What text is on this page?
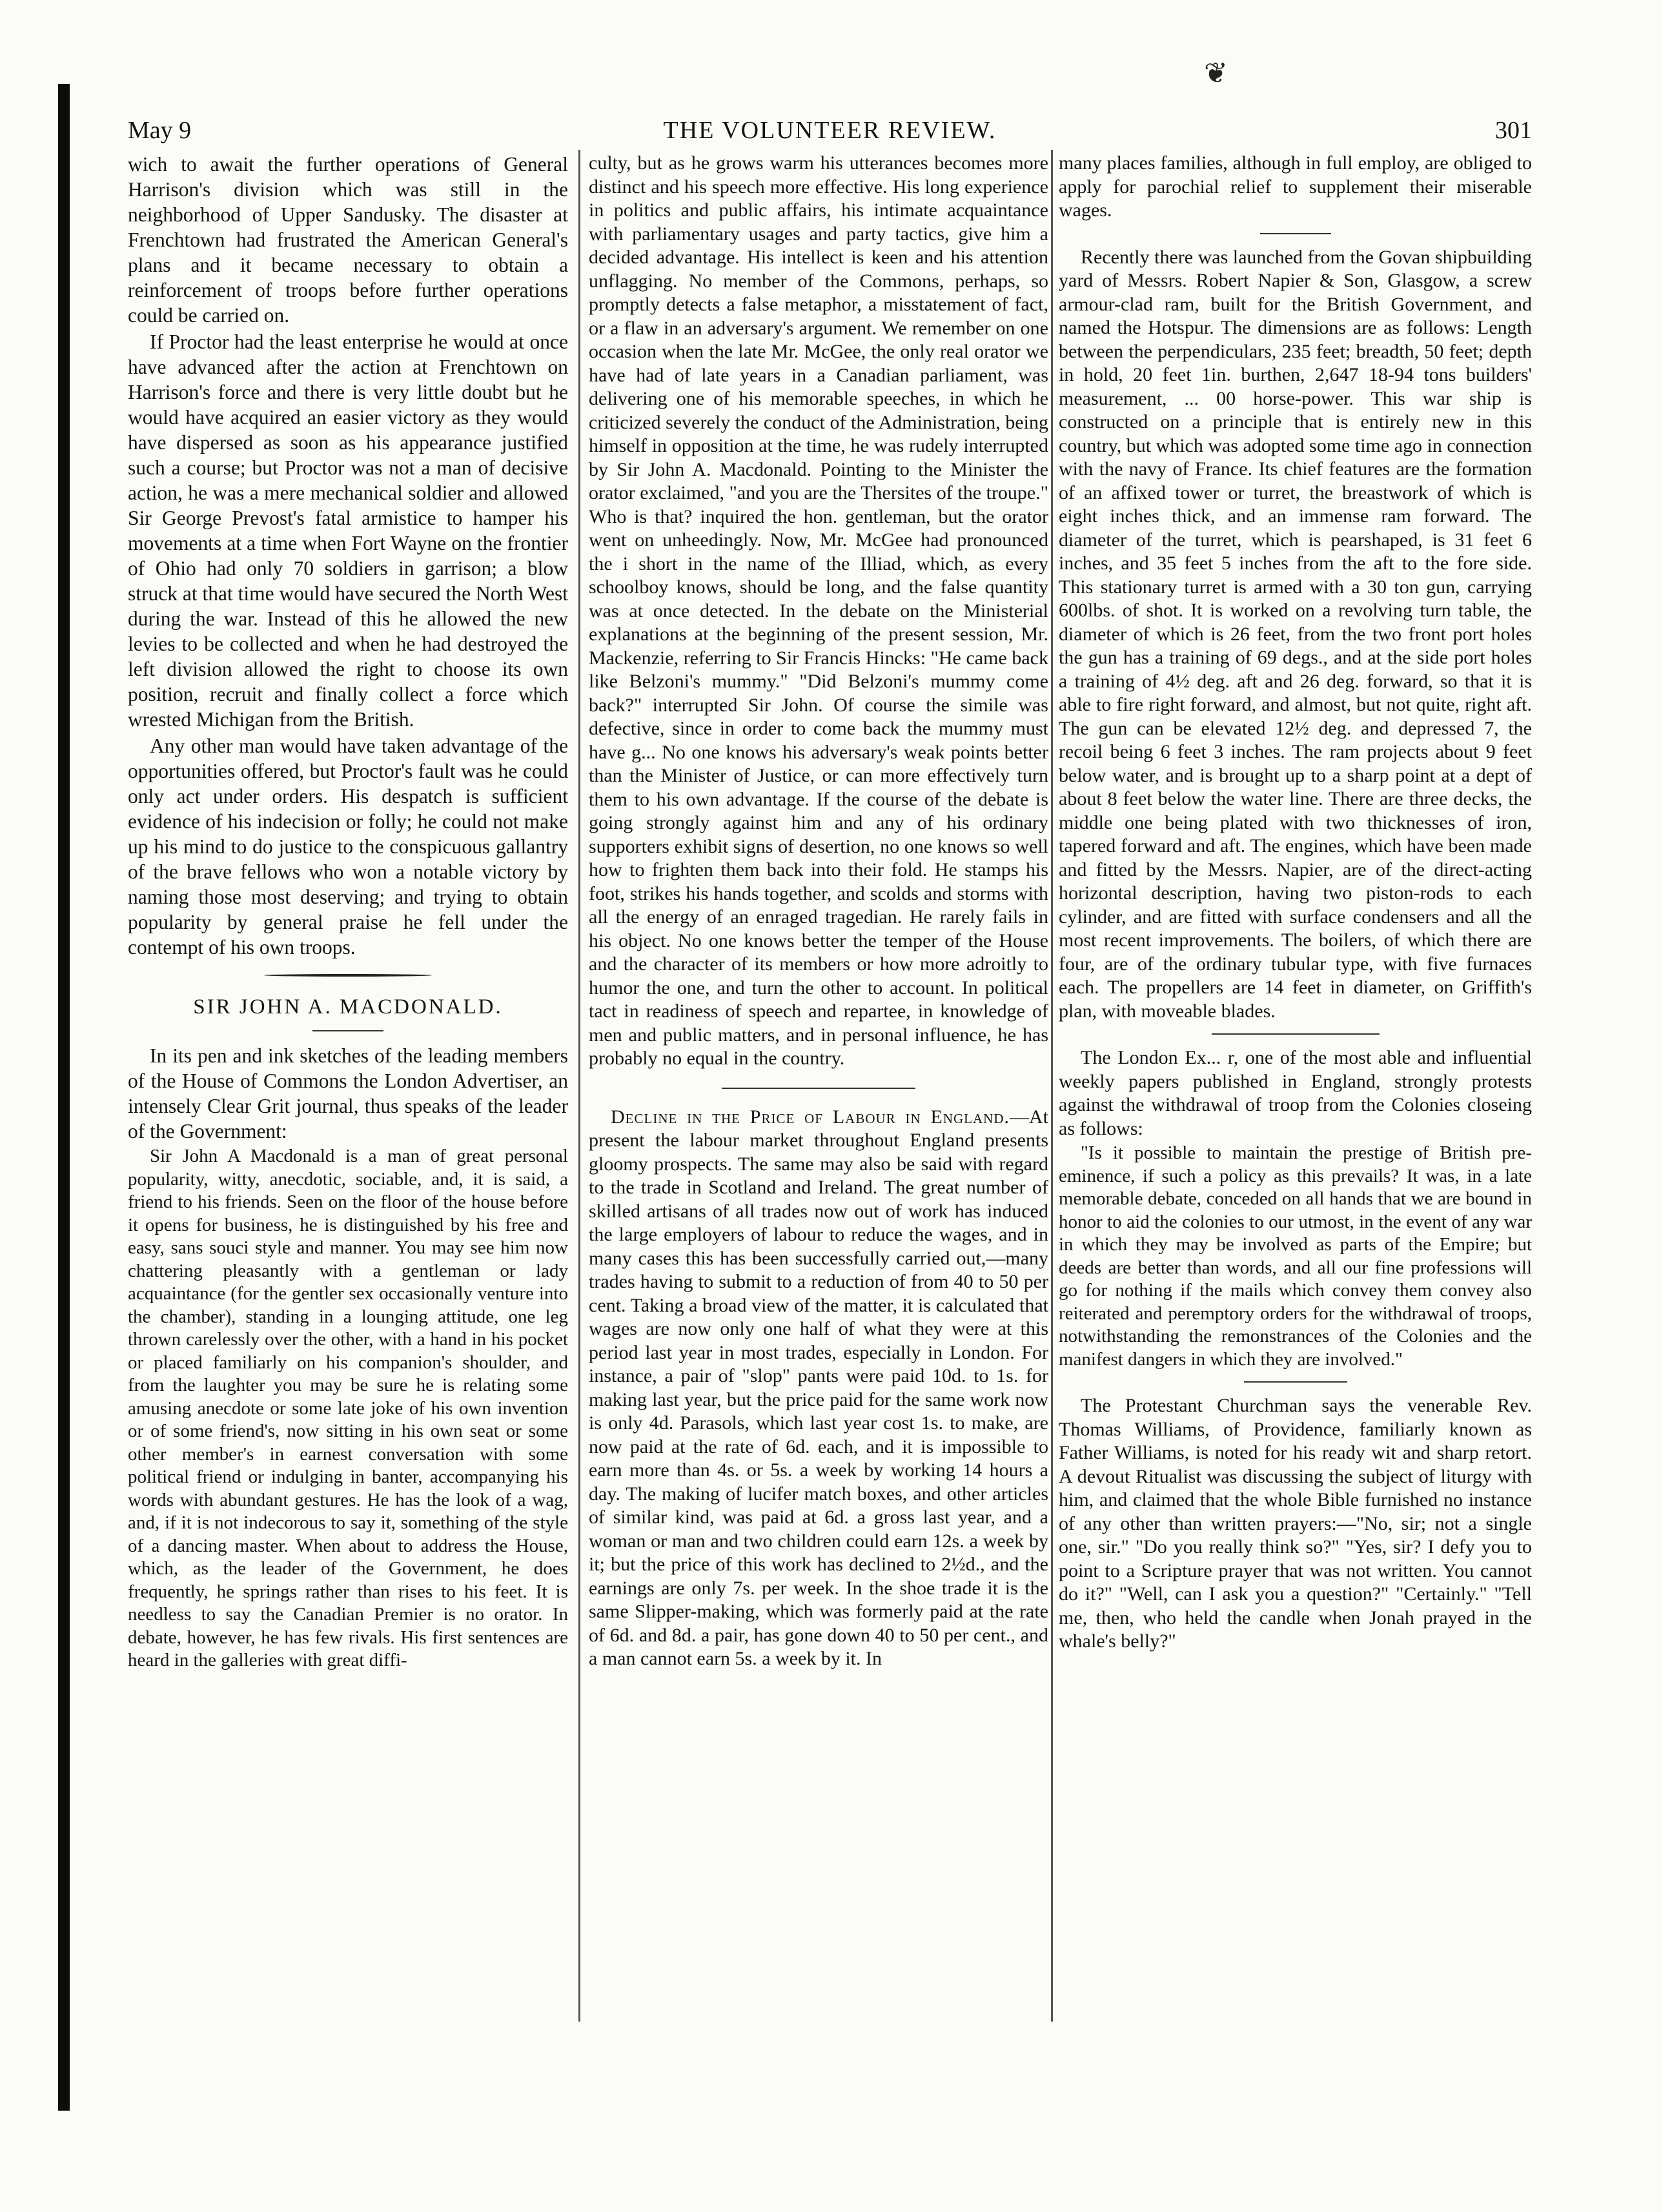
❦
May 9	THE VOLUNTEER REVIEW.	301

wich to await the further operations of General Harrison's division which was still in the neighborhood of Upper Sandusky. The disaster at Frenchtown had frustrated the American General's plans and it became necessary to obtain a reinforcement of troops before further operations could be carried on.

If Proctor had the least enterprise he would at once have advanced after the action at Frenchtown on Harrison's force and there is very little doubt but he would have acquired an easier victory as they would have dispersed as soon as his appearance justified such a course; but Proctor was not a man of decisive action, he was a mere mechanical soldier and allowed Sir George Prevost's fatal armistice to hamper his movements at a time when Fort Wayne on the frontier of Ohio had only 70 soldiers in garrison; a blow struck at that time would have secured the North West during the war. Instead of this he allowed the new levies to be collected and when he had destroyed the left division allowed the right to choose its own position, recruit and finally collect a force which wrested Michigan from the British.

Any other man would have taken advantage of the opportunities offered, but Proctor's fault was he could only act under orders. His despatch is sufficient evidence of his indecision or folly; he could not make up his mind to do justice to the conspicuous gallantry of the brave fellows who won a notable victory by naming those most deserving; and trying to obtain popularity by general praise he fell under the contempt of his own troops.

SIR JOHN A. MACDONALD.

In its pen and ink sketches of the leading members of the House of Commons the London Advertiser, an intensely Clear Grit journal, thus speaks of the leader of the Government:

Sir John A Macdonald is a man of great personal popularity, witty, anecdotic, sociable, and, it is said, a friend to his friends. Seen on the floor of the house before it opens for business, he is distinguished by his free and easy, sans souci style and manner. You may see him now chattering pleasantly with a gentleman or lady acquaintance (for the gentler sex occasionally venture into the chamber), standing in a lounging attitude, one leg thrown carelessly over the other, with a hand in his pocket or placed familiarly on his companion's shoulder, and from the laughter you may be sure he is relating some amusing anecdote or some late joke of his own invention or of some friend's, now sitting in his own seat or some other member's in earnest conversation with some political friend or indulging in banter, accompanying his words with abundant gestures. He has the look of a wag, and, if it is not indecorous to say it, something of the style of a dancing master. When about to address the House, which, as the leader of the Government, he does frequently, he springs rather than rises to his feet. It is needless to say the Canadian Premier is no orator. In debate, however, he has few rivals. His first sentences are heard in the galleries with great diffi-

culty, but as he grows warm his utterances becomes more distinct and his speech more effective. His long experience in politics and public affairs, his intimate acquaintance with parliamentary usages and party tactics, give him a decided advantage. His intellect is keen and his attention unflagging. No member of the Commons, perhaps, so promptly detects a false metaphor, a misstatement of fact, or a flaw in an adversary's argument. We remember on one occasion when the late Mr. McGee, the only real orator we have had of late years in a Canadian parliament, was delivering one of his memorable speeches, in which he criticized severely the conduct of the Administration, being himself in opposition at the time, he was rudely interrupted by Sir John A. Macdonald. Pointing to the Minister the orator exclaimed, "and you are the Thersites of the troupe." Who is that? inquired the hon. gentleman, but the orator went on unheedingly. Now, Mr. McGee had pronounced the i short in the name of the Illiad, which, as every schoolboy knows, should be long, and the false quantity was at once detected. In the debate on the Ministerial explanations at the beginning of the present session, Mr. Mackenzie, referring to Sir Francis Hincks: "He came back like Belzoni's mummy." "Did Belzoni's mummy come back?" interrupted Sir John. Of course the simile was defective, since in order to come back the mummy must have g... No one knows his adversary's weak points better than the Minister of Justice, or can more effectively turn them to his own advantage. If the course of the debate is going strongly against him and any of his ordinary supporters exhibit signs of desertion, no one knows so well how to frighten them back into their fold. He stamps his foot, strikes his hands together, and scolds and storms with all the energy of an enraged tragedian. He rarely fails in his object. No one knows better the temper of the House and the character of its members or how more adroitly to humor the one, and turn the other to account. In political tact in readiness of speech and repartee, in knowledge of men and public matters, and in personal influence, he has probably no equal in the country.

Decline in the Price of Labour in England.—At present the labour market throughout England presents gloomy prospects. The same may also be said with regard to the trade in Scotland and Ireland. The great number of skilled artisans of all trades now out of work has induced the large employers of labour to reduce the wages, and in many cases this has been successfully carried out,—many trades having to submit to a reduction of from 40 to 50 per cent. Taking a broad view of the matter, it is calculated that wages are now only one half of what they were at this period last year in most trades, especially in London. For instance, a pair of "slop" pants were paid 10d. to 1s. for making last year, but the price paid for the same work now is only 4d. Parasols, which last year cost 1s. to make, are now paid at the rate of 6d. each, and it is impossible to earn more than 4s. or 5s. a week by working 14 hours a day. The making of lucifer match boxes, and other articles of similar kind, was paid at 6d. a gross last year, and a woman or man and two children could earn 12s. a week by it; but the price of this work has declined to 2½d., and the earnings are only 7s. per week. In the shoe trade it is the same Slipper-making, which was formerly paid at the rate of 6d. and 8d. a pair, has gone down 40 to 50 per cent., and a man cannot earn 5s. a week by it. In

many places families, although in full employ, are obliged to apply for parochial relief to supplement their miserable wages.

Recently there was launched from the Govan shipbuilding yard of Messrs. Robert Napier & Son, Glasgow, a screw armour-clad ram, built for the British Government, and named the Hotspur. The dimensions are as follows: Length between the perpendiculars, 235 feet; breadth, 50 feet; depth in hold, 20 feet 1in. burthen, 2,647 18-94 tons builders' measurement, ... 00 horse-power. This war ship is constructed on a principle that is entirely new in this country, but which was adopted some time ago in connection with the navy of France. Its chief features are the formation of an affixed tower or turret, the breastwork of which is eight inches thick, and an immense ram forward. The diameter of the turret, which is pearshaped, is 31 feet 6 inches, and 35 feet 5 inches from the aft to the fore side. This stationary turret is armed with a 30 ton gun, carrying 600lbs. of shot. It is worked on a revolving turn table, the diameter of which is 26 feet, from the two front port holes the gun has a training of 69 degs., and at the side port holes a training of 4½ deg. aft and 26 deg. forward, so that it is able to fire right forward, and almost, but not quite, right aft. The gun can be elevated 12½ deg. and depressed 7, the recoil being 6 feet 3 inches. The ram projects about 9 feet below water, and is brought up to a sharp point at a dept of about 8 feet below the water line. There are three decks, the middle one being plated with two thicknesses of iron, tapered forward and aft. The engines, which have been made and fitted by the Messrs. Napier, are of the direct-acting horizontal description, having two piston-rods to each cylinder, and are fitted with surface condensers and all the most recent improvements. The boilers, of which there are four, are of the ordinary tubular type, with five furnaces each. The propellers are 14 feet in diameter, on Griffith's plan, with moveable blades.

The London Ex... r, one of the most able and influential weekly papers published in England, strongly protests against the withdrawal of troop from the Colonies closeing as follows:

"Is it possible to maintain the prestige of British pre-eminence, if such a policy as this prevails? It was, in a late memorable debate, conceded on all hands that we are bound in honor to aid the colonies to our utmost, in the event of any war in which they may be involved as parts of the Empire; but deeds are better than words, and all our fine professions will go for nothing if the mails which convey them convey also reiterated and peremptory orders for the withdrawal of troops, notwithstanding the remonstrances of the Colonies and the manifest dangers in which they are involved."

The Protestant Churchman says the venerable Rev. Thomas Williams, of Providence, familiarly known as Father Williams, is noted for his ready wit and sharp retort. A devout Ritualist was discussing the subject of liturgy with him, and claimed that the whole Bible furnished no instance of any other than written prayers:—"No, sir; not a single one, sir." "Do you really think so?" "Yes, sir? I defy you to point to a Scripture prayer that was not written. You cannot do it?" "Well, can I ask you a question?" "Certainly." "Tell me, then, who held the candle when Jonah prayed in the whale's belly?"
